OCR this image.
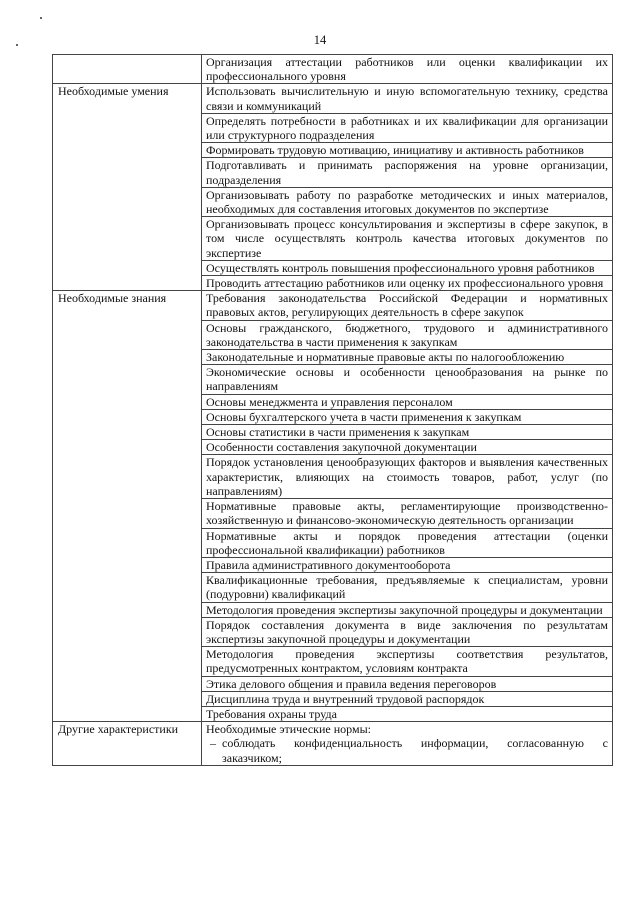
14
	Организация аттестации работников или оценки квалификации их профессионального уровня
Необходимые умения	Использовать вычислительную и иную вспомогательную технику, средства связи и коммуникаций
	Определять потребности в работниках и их квалификации для организации или структурного подразделения
	Формировать трудовую мотивацию, инициативу и активность работников
	Подготавливать и принимать распоряжения на уровне организации, подразделения
	Организовывать работу по разработке методических и иных материалов, необходимых для составления итоговых документов по экспертизе
	Организовывать процесс консультирования и экспертизы в сфере закупок, в том числе осуществлять контроль качества итоговых документов по экспертизе
	Осуществлять контроль повышения профессионального уровня работников
	Проводить аттестацию работников или оценку их профессионального уровня
Необходимые знания	Требования законодательства Российской Федерации и нормативных правовых актов, регулирующих деятельность в сфере закупок
	Основы гражданского, бюджетного, трудового и административного законодательства в части применения к закупкам
	Законодательные и нормативные правовые акты по налогообложению
	Экономические основы и особенности ценообразования на рынке по направлениям
	Основы менеджмента и управления персоналом
	Основы бухгалтерского учета в части применения к закупкам
	Основы статистики в части применения к закупкам
	Особенности составления закупочной документации
	Порядок установления ценообразующих факторов и выявления качественных характеристик, влияющих на стоимость товаров, работ, услуг (по направлениям)
	Нормативные правовые акты, регламентирующие производственно-хозяйственную и финансово-экономическую деятельность организации
	Нормативные акты и порядок проведения аттестации (оценки профессиональной квалификации) работников
	Правила административного документооборота
	Квалификационные требования, предъявляемые к специалистам, уровни (подуровни) квалификаций
	Методология проведения экспертизы закупочной процедуры и документации
	Порядок составления документа в виде заключения по результатам экспертизы закупочной процедуры и документации
	Методология проведения экспертизы соответствия результатов, предусмотренных контрактом, условиям контракта
	Этика делового общения и правила ведения переговоров
	Дисциплина труда и внутренний трудовой распорядок
	Требования охраны труда
Другие характеристики	Необходимые этические нормы:
– соблюдать конфиденциальность информации, согласованную с заказчиком;
